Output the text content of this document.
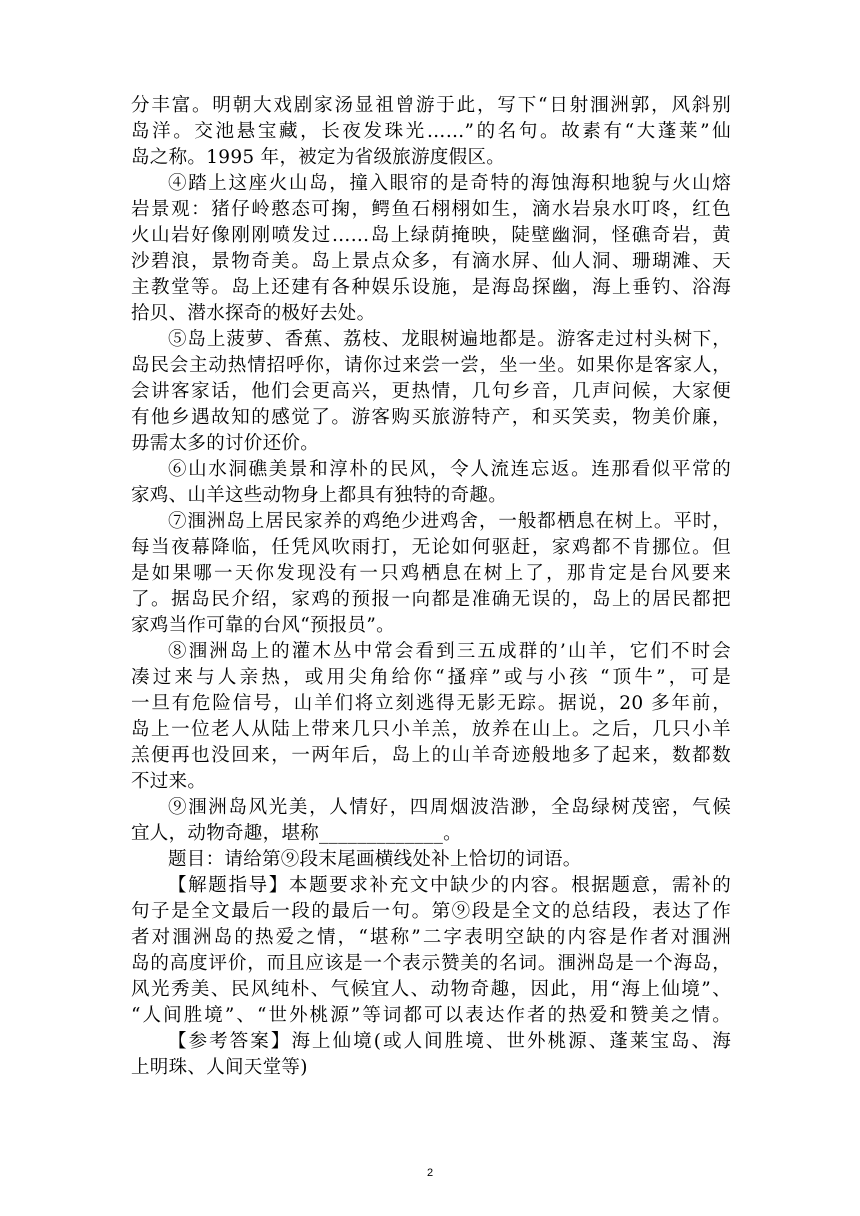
分丰富。明朝大戏剧家汤显祖曾游于此，写下“日射涠洲郭，风斜别
岛洋。交池悬宝藏，长夜发珠光……”的名句。故素有“大蓬莱”仙
岛之称。1995 年，被定为省级旅游度假区。
④踏上这座火山岛，撞入眼帘的是奇特的海蚀海积地貌与火山熔
岩景观：猪仔岭憨态可掬，鳄鱼石栩栩如生，滴水岩泉水叮咚，红色
火山岩好像刚刚喷发过……岛上绿荫掩映，陡壁幽洞，怪礁奇岩，黄
沙碧浪，景物奇美。岛上景点众多，有滴水屏、仙人洞、珊瑚滩、天
主教堂等。岛上还建有各种娱乐设施，是海岛探幽，海上垂钓、浴海
拾贝、潜水探奇的极好去处。
⑤岛上菠萝、香蕉、荔枝、龙眼树遍地都是。游客走过村头树下，
岛民会主动热情招呼你，请你过来尝一尝，坐一坐。如果你是客家人，
会讲客家话，他们会更高兴，更热情，几句乡音，几声问候，大家便
有他乡遇故知的感觉了。游客购买旅游特产，和买笑卖，物美价廉，
毋需太多的讨价还价。
⑥山水洞礁美景和淳朴的民风，令人流连忘返。连那看似平常的
家鸡、山羊这些动物身上都具有独特的奇趣。
⑦涠洲岛上居民家养的鸡绝少进鸡舍，一般都栖息在树上。平时，
每当夜幕降临，任凭风吹雨打，无论如何驱赶，家鸡都不肯挪位。但
是如果哪一天你发现没有一只鸡栖息在树上了，那肯定是台风要来
了。据岛民介绍，家鸡的预报一向都是准确无误的，岛上的居民都把
家鸡当作可靠的台风“预报员”。
⑧涠洲岛上的灌木丛中常会看到三五成群的’山羊，它们不时会
凑过来与人亲热，或用尖角给你“搔痒”或与小孩 “顶牛”，可是
一旦有危险信号，山羊们将立刻逃得无影无踪。据说，20 多年前，
岛上一位老人从陆上带来几只小羊羔，放养在山上。之后，几只小羊
羔便再也没回来，一两年后，岛上的山羊奇迹般地多了起来，数都数
不过来。
⑨涠洲岛风光美，人情好，四周烟波浩渺，全岛绿树茂密，气候
宜人，动物奇趣，堪称_____________。
题目：请给第⑨段末尾画横线处补上恰切的词语。
【解题指导】本题要求补充文中缺少的内容。根据题意，需补的
句子是全文最后一段的最后一句。第⑨段是全文的总结段，表达了作
者对涠洲岛的热爱之情，“堪称”二字表明空缺的内容是作者对涠洲
岛的高度评价，而且应该是一个表示赞美的名词。涠洲岛是一个海岛，
风光秀美、民风纯朴、气候宜人、动物奇趣，因此，用“海上仙境”、
“人间胜境”、“世外桃源”等词都可以表达作者的热爱和赞美之情。
【参考答案】海上仙境(或人间胜境、世外桃源、蓬莱宝岛、海
上明珠、人间天堂等)
2
